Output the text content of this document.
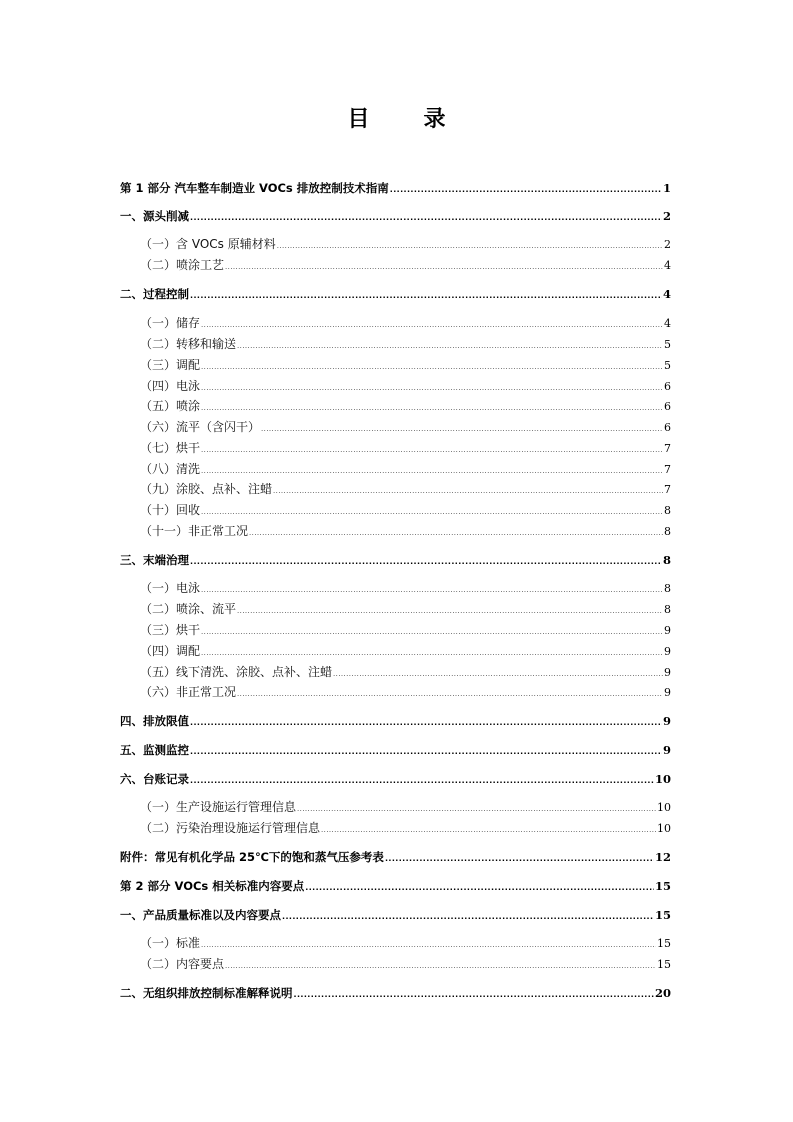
目　录
第 1 部分 汽车整车制造业 VOCs 排放控制技术指南 .....	1
一、源头削减 .....	2
（一）含 VOCs 原辅材料 .....	2
（二）喷涂工艺 .....	4
二、过程控制 .....	4
（一）储存 .....	4
（二）转移和输送 .....	5
（三）调配 .....	5
（四）电泳 .....	6
（五）喷涂 .....	6
（六）流平（含闪干） .....	6
（七）烘干 .....	7
（八）清洗 .....	7
（九）涂胶、点补、注蜡 .....	7
（十）回收 .....	8
（十一）非正常工况 .....	8
三、末端治理 .....	8
（一）电泳 .....	8
（二）喷涂、流平 .....	8
（三）烘干 .....	9
（四）调配 .....	9
（五）线下清洗、涂胶、点补、注蜡 .....	9
（六）非正常工况 .....	9
四、排放限值 .....	9
五、监测监控 .....	9
六、台账记录 .....	10
（一）生产设施运行管理信息 .....	10
（二）污染治理设施运行管理信息 .....	10
附件：常见有机化学品 25℃下的饱和蒸气压参考表 .....	12
第 2 部分 VOCs 相关标准内容要点 .....	15
一、产品质量标准以及内容要点 .....	15
（一）标准 .....	15
（二）内容要点 .....	15
二、无组织排放控制标准解释说明 .....	20
